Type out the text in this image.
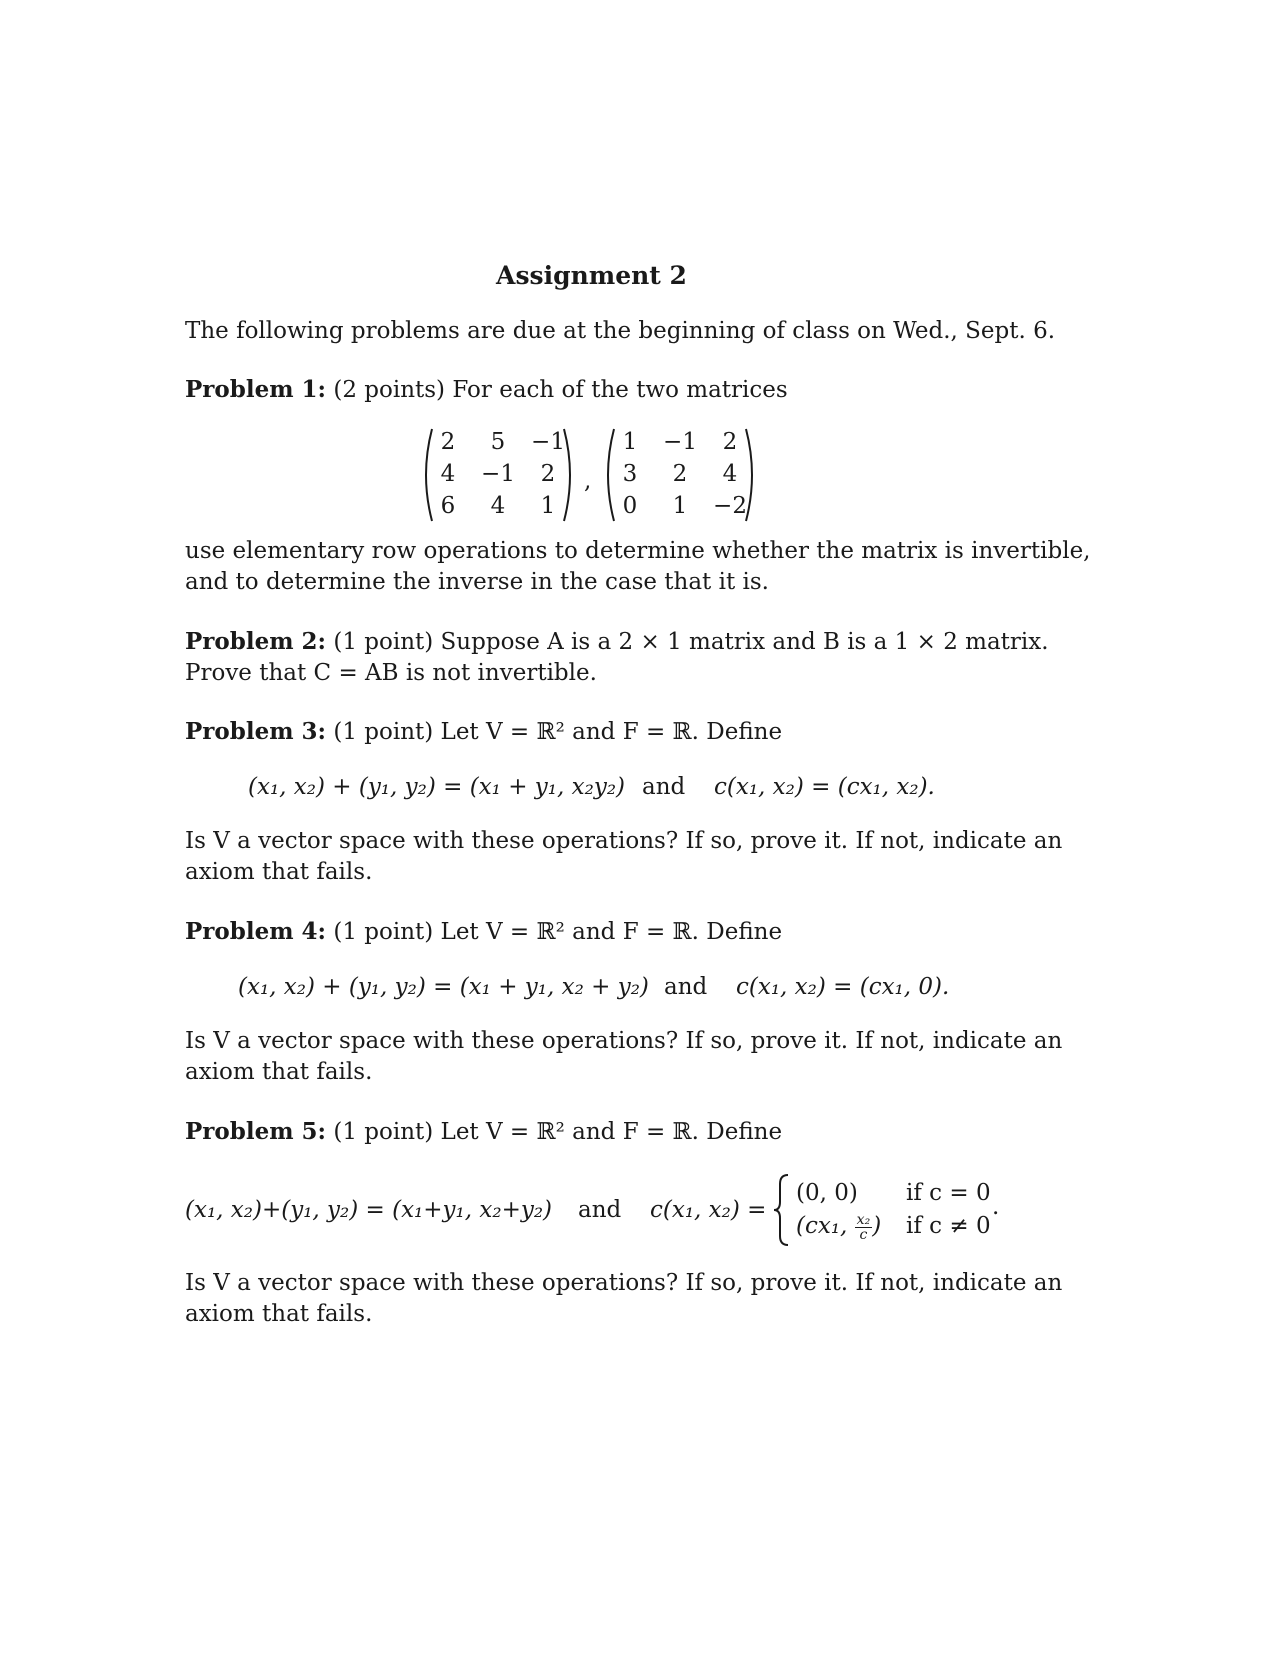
Assignment 2
The following problems are due at the beginning of class on Wed., Sept. 6.
Problem 1: (2 points) For each of the two matrices
2	5	−1
4	−1	2
6	4	1
,
1	−1	2
3	2	4
0	1	−2
use elementary row operations to determine whether the matrix is invertible,
and to determine the inverse in the case that it is.
Problem 2: (1 point) Suppose A is a 2 × 1 matrix and B is a 1 × 2 matrix.
Prove that C = AB is not invertible.
Problem 3: (1 point) Let V = ℝ² and F = ℝ. Define
(x₁, x₂) + (y₁, y₂) = (x₁ + y₁, x₂y₂) and c(x₁, x₂) = (cx₁, x₂).
Is V a vector space with these operations? If so, prove it. If not, indicate an
axiom that fails.
Problem 4: (1 point) Let V = ℝ² and F = ℝ. Define
(x₁, x₂) + (y₁, y₂) = (x₁ + y₁, x₂ + y₂) and c(x₁, x₂) = (cx₁, 0).
Is V a vector space with these operations? If so, prove it. If not, indicate an
axiom that fails.
Problem 5: (1 point) Let V = ℝ² and F = ℝ. Define
(x₁, x₂)+(y₁, y₂) = (x₁+y₁, x₂+y₂) and c(x₁, x₂) =
(0, 0) if c = 0
(cx₁, $\frac{\text{x₂}}{c}$ ) if c ≠ 0
.
Is V a vector space with these operations? If so, prove it. If not, indicate an
axiom that fails.
